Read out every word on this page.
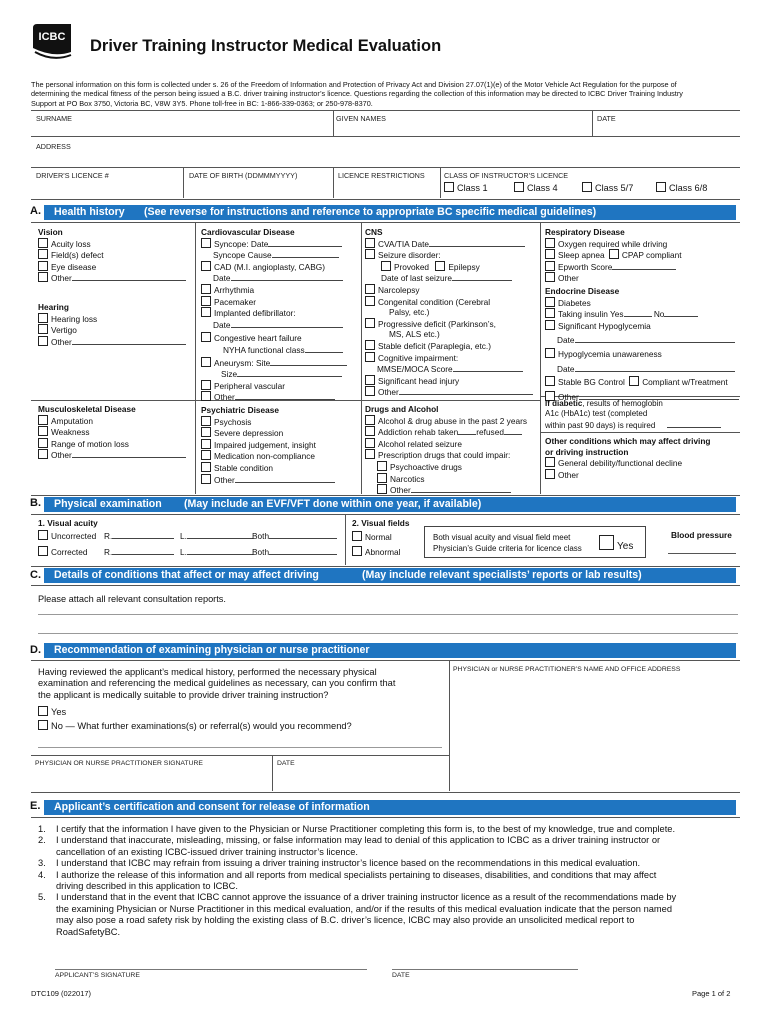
ICBC Driver Training Instructor Medical Evaluation
The personal information on this form is collected under s. 26 of the Freedom of Information and Protection of Privacy Act and Division 27.07(1)(e) of the Motor Vehicle Act Regulation for the purpose of
determining the medical fitness of the person being issued a B.C. driver training instructor’s licence. Questions regarding the collection of this information may be directed to ICBC Driver Training Industry
Support at PO Box 3750, Victoria BC, V8W 3Y5. Phone toll-free in BC: 1-866-339-0363; or 250-978-8370.
SURNAME	GIVEN NAMES	DATE
ADDRESS
DRIVER’S LICENCE #	DATE OF BIRTH (DDMMMYYYY)	LICENCE RESTRICTIONS	CLASS OF INSTRUCTOR’S LICENCE
Class 1	Class 4	Class 5/7	Class 6/8
A. Health history (See reverse for instructions and reference to appropriate BC specific medical guidelines)
Vision
Acuity loss
Field(s) defect
Eye disease
Other
Hearing
Hearing loss
Vertigo
Other
Cardiovascular Disease
Syncope: Date
Syncope Cause
CAD (M.I. angioplasty, CABG)
Date
Arrhythmia
Pacemaker
Implanted defibrillator:
Date
Congestive heart failure
NYHA functional class
Aneurysm: Site
Size
Peripheral vascular
Other
CNS
CVA/TIA Date
Seizure disorder:
Provoked Epilepsy
Date of last seizure
Narcolepsy
Congenital condition (Cerebral
Palsy, etc.)
Progressive deficit (Parkinson’s,
MS, ALS etc.)
Stable deficit (Paraplegia, etc.)
Cognitive impairment:
MMSE/MOCA Score
Significant head injury
Other
Respiratory Disease
Oxygen required while driving
Sleep apnea CPAP compliant
Epworth Score
Other
Endocrine Disease
Diabetes
Taking insulin Yes	No
Significant Hypoglycemia
Date
Hypoglycemia unawareness
Date
Stable BG Control Compliant w/Treatment
Other
If diabetic, results of hemoglobin
A1c (HbA1c) test (completed
within past 90 days) is required
Other conditions which may affect driving
or driving instruction
General debility/functional decline
Other
Musculoskeletal Disease
Amputation
Weakness
Range of motion loss
Other
Psychiatric Disease
Psychosis
Severe depression
Impaired judgement, insight
Medication non-compliance
Stable condition
Other
Drugs and Alcohol
Alcohol & drug abuse in the past 2 years
Addiction rehab taken refused
Alcohol related seizure
Prescription drugs that could impair:
Psychoactive drugs
Narcotics
Other
B. Physical examination (May include an EVF/VFT done within one year, if available)
1. Visual acuity
Uncorrected R.	L.	Both
Corrected R.	L.	Both
2. Visual fields
Normal
Abnormal
Both visual acuity and visual field meet
Physician’s Guide criteria for licence class	Yes
Blood pressure
C. Details of conditions that affect or may affect driving	(May include relevant specialists’ reports or lab results)
Please attach all relevant consultation reports.
D. Recommendation of examining physician or nurse practitioner
Having reviewed the applicant’s medical history, performed the necessary physical
examination and referencing the medical guidelines as necessary, can you confirm that
the applicant is medically suitable to provide driver training instruction?
Yes
No — What further examinations(s) or referral(s) would you recommend?
PHYSICIAN or NURSE PRACTITIONER’S NAME AND OFFICE ADDRESS
PHYSICIAN OR NURSE PRACTITIONER SIGNATURE	DATE
E. Applicant’s certification and consent for release of information
1. I certify that the information I have given to the Physician or Nurse Practitioner completing this form is, to the best of my knowledge, true and complete.
2. I understand that inaccurate, misleading, missing, or false information may lead to denial of this application to ICBC as a driver training instructor or
cancellation of an existing ICBC-issued driver training instructor’s licence.
3. I understand that ICBC may refrain from issuing a driver training instructor’s licence based on the recommendations in this medical evaluation.
4. I authorize the release of this information and all reports from medical specialists pertaining to diseases, disabilities, and conditions that may affect
driving described in this application to ICBC.
5. I understand that in the event that ICBC cannot approve the issuance of a driver training instructor licence as a result of the recommendations made by
the examining Physician or Nurse Practitioner in this medical evaluation, and/or if the results of this medical evaluation indicate that the person named
may also pose a road safety risk by holding the existing class of B.C. driver’s licence, ICBC may also provide an unsolicited medical report to
RoadSafetyBC.
APPLICANT’S SIGNATURE	DATE
DTC109 (022017)	Page 1 of 2
